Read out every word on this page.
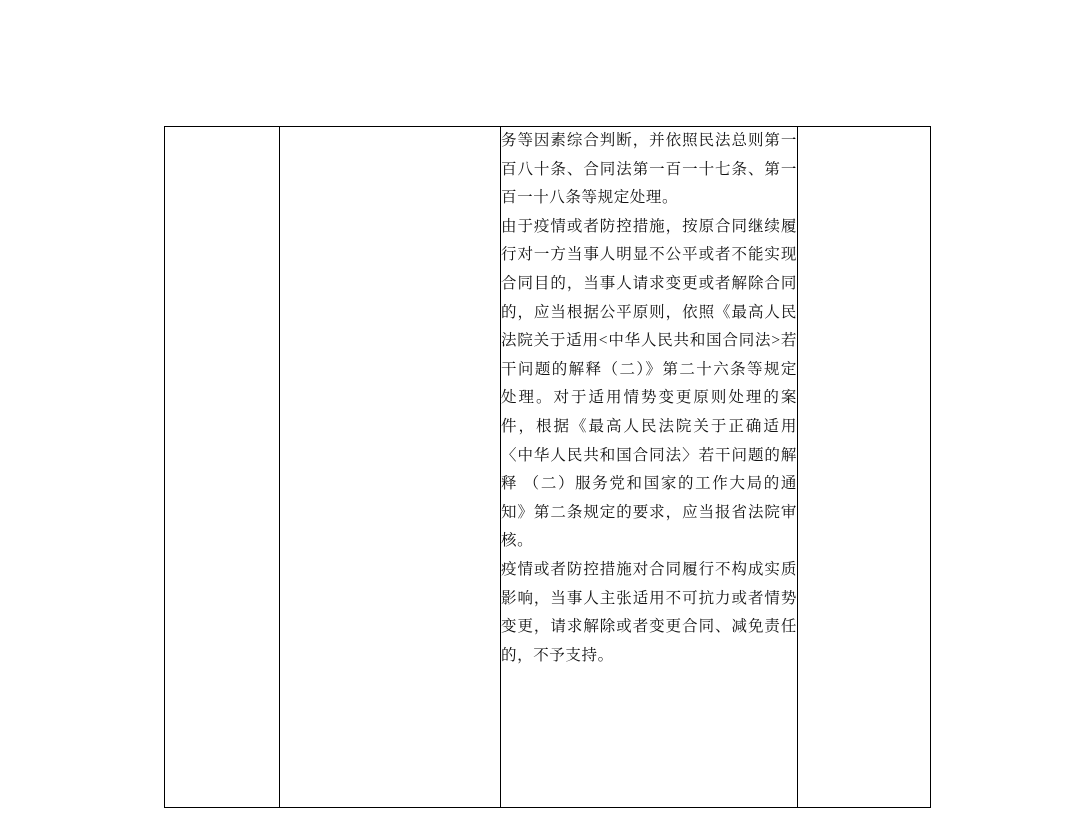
务等因素综合判断，并依照民法总则第一百八十条、合同法第一百一十七条、第一百一十八条等规定处理。

由于疫情或者防控措施，按原合同继续履行对一方当事人明显不公平或者不能实现合同目的，当事人请求变更或者解除合同的，应当根据公平原则，依照《最高人民法院关于适用<中华人民共和国合同法>若干问题的解释（二）》第二十六条等规定处理。对于适用情势变更原则处理的案件，根据《最高人民法院关于正确适用〈中华人民共和国合同法〉若干问题的解释 （二）服务党和国家的工作大局的通知》第二条规定的要求，应当报省法院审核。

疫情或者防控措施对合同履行不构成实质影响，当事人主张适用不可抗力或者情势变更，请求解除或者变更合同、减免责任的，不予支持。
